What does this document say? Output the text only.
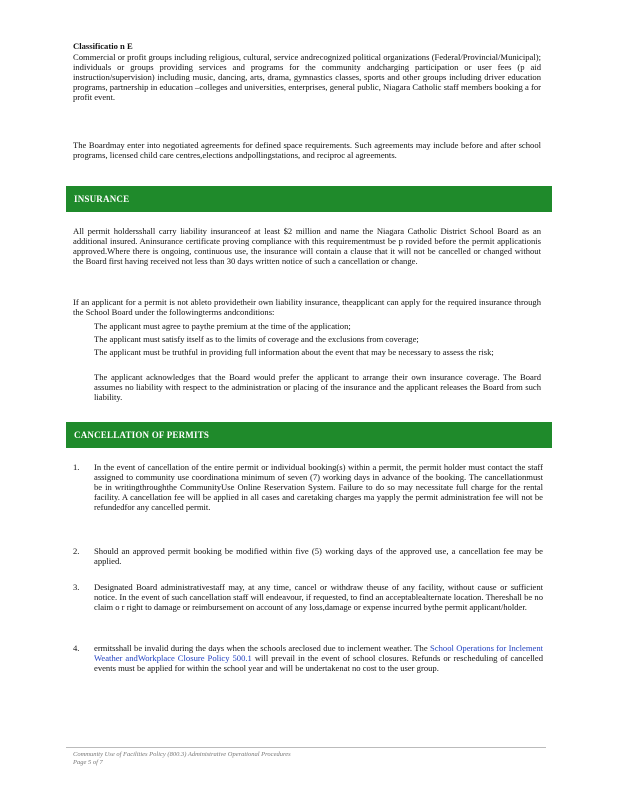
Classificatio n E

Commercial or profit groups including religious, cultural, service andrecognized political organizations (Federal/Provincial/Municipal); individuals or groups providing services and programs for the community andcharging participation or user fees (p aid instruction/supervision) including music, dancing, arts, drama, gymnastics classes, sports and other groups including driver education programs, partnership in education –colleges and universities, enterprises, general public, Niagara Catholic staff members booking a for profit event.

The Boardmay enter into negotiated agreements for defined space requirements. Such agreements may include before and after school programs, licensed child care centres,elections andpollingstations, and reciproc al agreements.

INSURANCE

All permit holdersshall carry liability insuranceof at least $2 million and name the Niagara Catholic District School Board as an additional insured. Aninsurance certificate proving compliance with this requirementmust be p rovided before the permit applicationis approved.Where there is ongoing, continuous use, the insurance will contain a clause that it will not be cancelled or changed without the Board first having received not less than 30 days written notice of such a cancellation or change.

If an applicant for a permit is not ableto providetheir own liability insurance, theapplicant can apply for the required insurance through the School Board under the followingterms andconditions:

The applicant must agree to paythe premium at the time of the application;
The applicant must satisfy itself as to the limits of coverage and the exclusions from coverage;
The applicant must be truthful in providing full information about the event that may be necessary to assess the risk;
The applicant acknowledges that the Board would prefer the applicant to arrange their own insurance coverage. The Board assumes no liability with respect to the administration or placing of the insurance and the applicant releases the Board from such liability.
CANCELLATION OF PERMITS
1.	In the event of cancellation of the entire permit or individual booking(s) within a permit, the permit holder must contact the staff assigned to community use coordinationa minimum of seven (7) working days in advance of the booking. The cancellationmust be in writingthroughthe CommunityUse Online Reservation System. Failure to do so may necessitate full charge for the rental facility. A cancellation fee will be applied in all cases and caretaking charges ma yapply the permit administration fee will not be refundedfor any cancelled permit.
2.	Should an approved permit booking be modified within five (5) working days of the approved use, a cancellation fee may be applied.
3.	Designated Board administrativestaff may, at any time, cancel or withdraw theuse of any facility, without cause or sufficient notice. In the event of such cancellation staff will endeavour, if requested, to find an acceptablealternate location. Thereshall be no claim o r right to damage or reimbursement on account of any loss,damage or expense incurred bythe permit applicant/holder.
4.	ermitsshall be invalid during the days when the schools areclosed due to inclement weather. The School Operations for Inclement Weather andWorkplace Closure Policy 500.1 will prevail in the event of school closures. Refunds or rescheduling of cancelled events must be applied for within the school year and will be undertakenat no cost to the user group.
Community Use of Facilities Policy (800.3) Administrative Operational Procedures
Page 5 of 7
